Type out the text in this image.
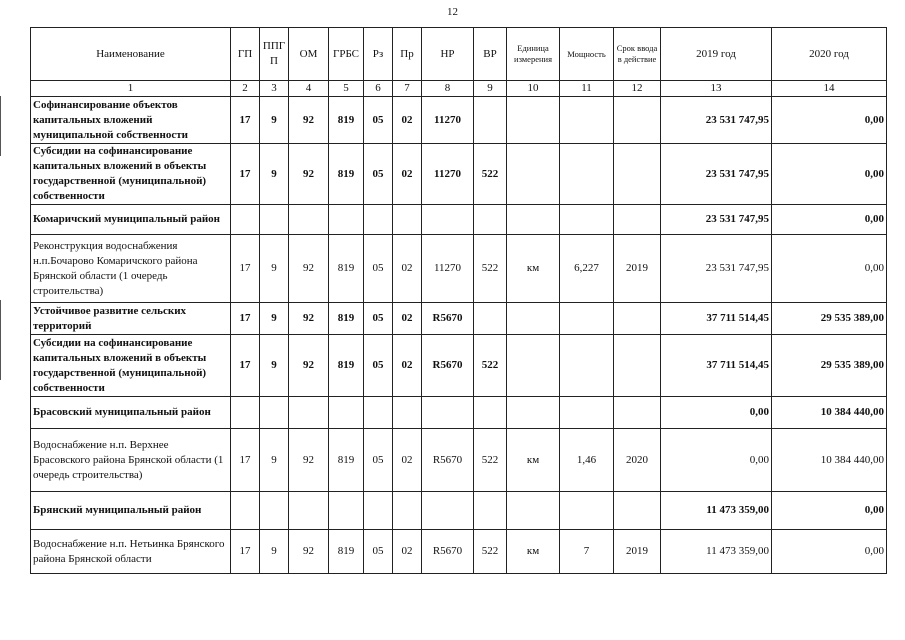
12
Наименование	ГП	ППГП	ОМ	ГРБС	Рз	Пр	НР	ВР	Единица измерения	Мощность	Срок ввода в действие	2019 год	2020 год
1	2	3	4	5	6	7	8	9	10	11	12	13	14
Софинансирование объектов капитальных вложений муниципальной собственности	17	9	92	819	05	02	11270					23 531 747,95	0,00
Субсидии на софинансирование капитальных вложений в объекты государственной (муниципальной) собственности	17	9	92	819	05	02	11270	522				23 531 747,95	0,00
Комаричский муниципальный район												23 531 747,95	0,00
Реконструкция водоснабжения н.п.Бочарово Комаричского района Брянской области (1 очередь строительства)	17	9	92	819	05	02	11270	522	км	6,227	2019	23 531 747,95	0,00
Устойчивое развитие сельских территорий	17	9	92	819	05	02	R5670					37 711 514,45	29 535 389,00
Субсидии на софинансирование капитальных вложений в объекты государственной (муниципальной) собственности	17	9	92	819	05	02	R5670	522				37 711 514,45	29 535 389,00
Брасовский муниципальный район												0,00	10 384 440,00
Водоснабжение н.п. Верхнее Брасовского района Брянской области (1 очередь строительства)	17	9	92	819	05	02	R5670	522	км	1,46	2020	0,00	10 384 440,00
Брянский муниципальный район												11 473 359,00	0,00
Водоснабжение н.п. Нетьинка Брянского района Брянской области	17	9	92	819	05	02	R5670	522	км	7	2019	11 473 359,00	0,00
